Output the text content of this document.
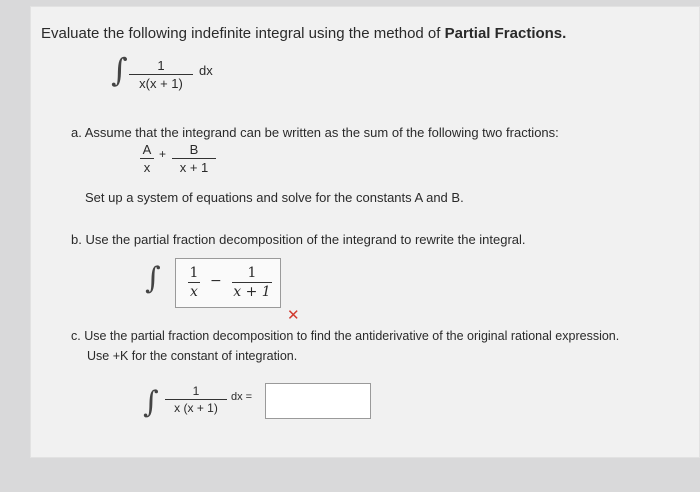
Evaluate the following indefinite integral using the method of Partial Fractions.
∫ 1
x(x + 1)
dx
a. Assume that the integrand can be written as the sum of the following two fractions:
A
x
+ B
x + 1
Set up a system of equations and solve for the constants A and B.
b. Use the partial fraction decomposition of the integrand to rewrite the integral.
∫ 1
x
− 1
x + 1
✕
c. Use the partial fraction decomposition to find the antiderivative of the original rational expression.
Use +K for the constant of integration.
∫	1
x (x + 1)
dx =
